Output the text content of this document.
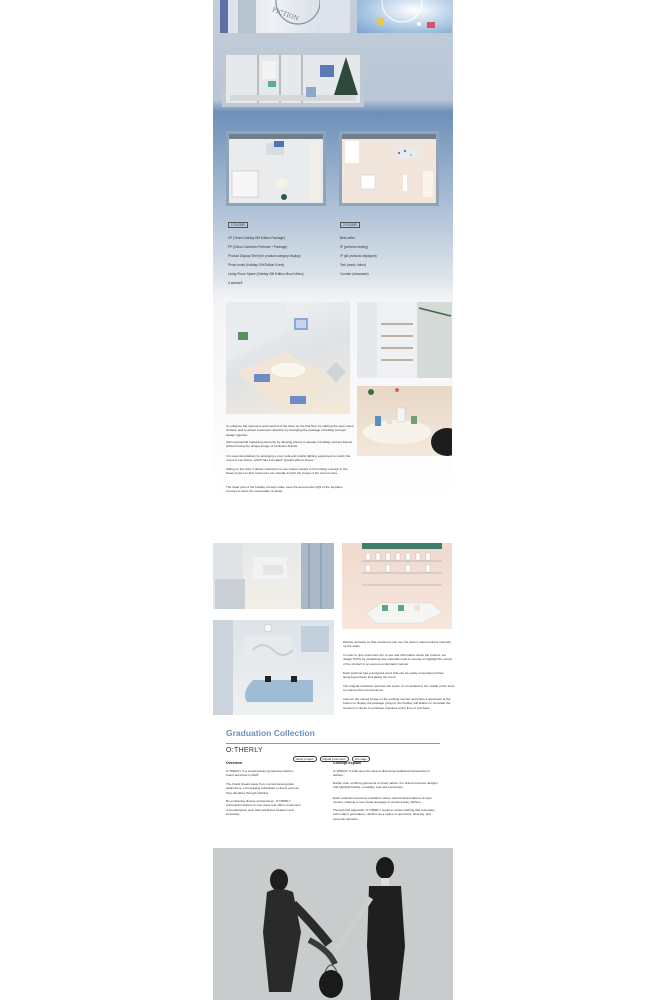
FICTION
1 FLOOR	2 FLOOR
VP (Three-Holiday Gift Edition Package)
PP (Citrus Collection Perfume + Package)
Product Display Shelf (for product category display)
Photo booth (Holiday Gift Edition Event)
Living Room Space (Holiday Gift Edition Mood Video)
A stairwell
Best seller
IP (perfume testing)
IP (all products displayed)
Tent (wash, lotion)
Counter (showcase)
To enhance the openness and comfort of the store on the first floor by utilizing the open show window, and to attract customers' attention by arranging the package of holiday concept design together.
Add experiential marketing elements by allowing photos to appear in holiday concept frames without losing the unique image of nonfiction brands.
It is used decoratively by arranging a cozy sofa and mobile lighting equipment to match the mood of non-fiction, which has a lit called "grandmother's house."
Sitting on the sofa, it allows customers to see videos related to the holiday concept in the fewer project so that customers can visually imprint the image of the current store.
The lower part of the holiday concept video uses the accessories light of the fireplace concept to show the seasonality of winter.
Display vertically so that customers can see the store's main products naturally up the stairs.
In order to give customers fun to see and information about the product, we design POPs by visualizing raw materials used in incense to highlight the points of the product in an easy-to-understand manner.
Each perfume has a designed scent that can be easily remembered when spraying perfume and taking the scent.
The original nonfiction sink has two seats, so it's located in the middle of the store to improve the inconvenience.
Improve the closed image on the existing counter and place a showcase at the bottom to display the package (pwp) of the Holiday Gift Edition to stimulate the customer's desire to purchase impulses at the time of purchase.
Graduation Collection
O:THERLY
study project	Digital promotion	AI image
Overview	Concept Explain
O:THERLY is a contemporary genderless fashion brand launched in 2025.
The brand breaks away from conventional gender distinctions, encouraging individuals to freely express their identities through clothing.
By embracing diverse perspectives, O:THERLY reinterprets fashion in new ways and offers consumers a boundaryless style that celebrates freedom and inclusivity.
O:THERLY is built upon the idea of dissolving traditional frameworks in fashion.
Rather than confining garments to binary labels, the brand proposes designs that highlight fluidity, versatility, and self-expression.
Each collection becomes a platform where varied interpretations of style coexist, shaping a new visual language of contemporary fashion.
Through this approach, O:THERLY seeks to create clothing that resonates with today's generation—fashion as a space of openness, diversity, and personal narrative.
